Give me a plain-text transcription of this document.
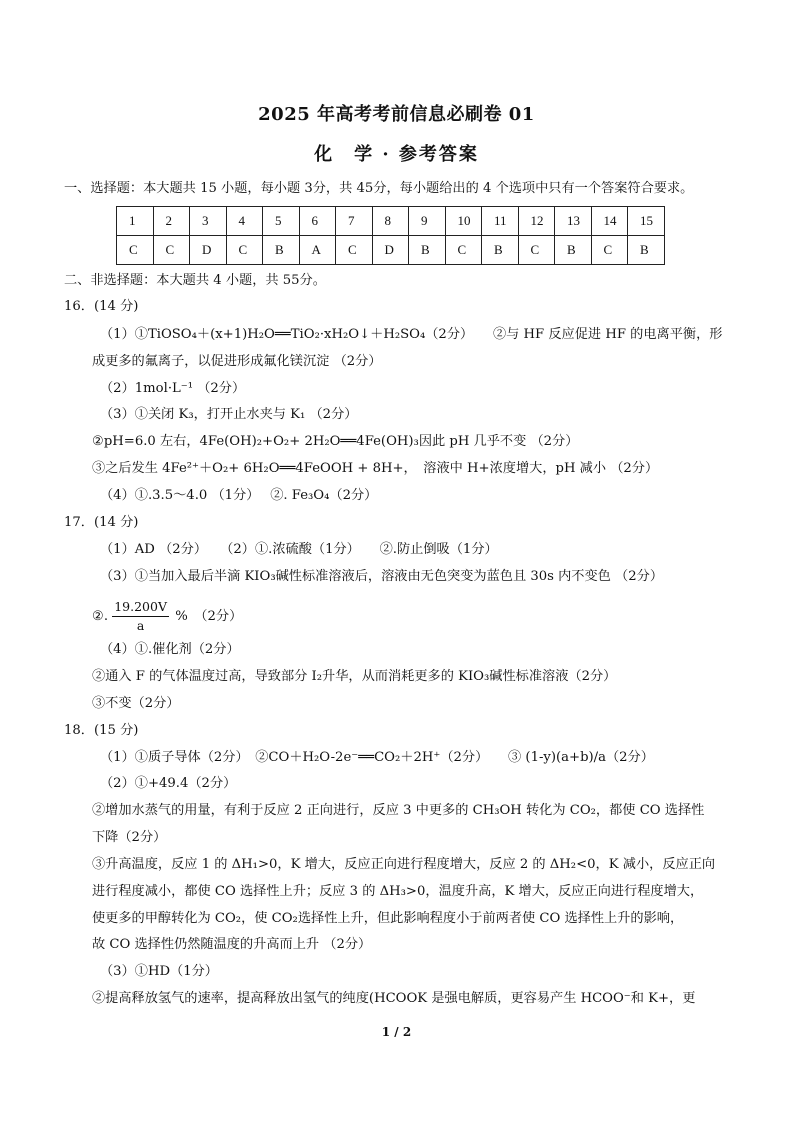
2025 年高考考前信息必刷卷 01
化　学 · 参考答案
一、选择题：本大题共 15 小题，每小题 3分，共 45分，每小题给出的 4 个选项中只有一个答案符合要求。
1	2	3	4	5	6	7	8	9	10	11	12	13	14	15
C	C	D	C	B	A	C	D	B	C	B	C	B	C	B
二、非选择题：本大题共 4 小题，共 55分。
16．(14 分)
（1）①TiOSO₄＋(x+1)H₂O══TiO₂·xH₂O↓＋H₂SO₄（2分）　　②与 HF 反应促进 HF 的电离平衡，形
成更多的氟离子，以促进形成氟化镁沉淀 （2分）
（2）1mol·L⁻¹ （2分）
（3）①关闭 K₃，打开止水夹与 K₁ （2分）
②pH=6.0 左右，4Fe(OH)₂+O₂+ 2H₂O══4Fe(OH)₃因此 pH 几乎不变 （2分）
③之后发生 4Fe²⁺＋O₂+ 6H₂O══4FeOOH + 8H+，　溶液中 H+浓度增大，pH 减小 （2分）
（4）①.3.5～4.0 （1分）　 ②. Fe₃O₄（2分）
17．(14 分)
（1）AD （2分）　　（2）①.浓硫酸（1分）　　②.防止倒吸（1分）
（3）①当加入最后半滴 KIO₃碱性标准溶液后，溶液由无色突变为蓝色且 30s 内不变色 （2分）
②. $\frac{19.200V}{a}$ %　（2分）
（4）①.催化剂（2分）
②通入 F 的气体温度过高，导致部分 I₂升华，从而消耗更多的 KIO₃碱性标准溶液（2分）
③不变（2分）
18．(15 分)
（1）①质子导体（2分）　②CO＋H₂O-2e⁻══CO₂＋2H⁺（2分）　　③ (1-y)(a+b)/a（2分）
（2）①+49.4（2分）
②增加水蒸气的用量，有利于反应 2 正向进行，反应 3 中更多的 CH₃OH 转化为 CO₂，都使 CO 选择性
下降（2分）
③升高温度，反应 1 的 ΔH₁>0，K 增大，反应正向进行程度增大，反应 2 的 ΔH₂<0，K 减小，反应正向
进行程度减小，都使 CO 选择性上升；反应 3 的 ΔH₃>0，温度升高，K 增大，反应正向进行程度增大，
使更多的甲醇转化为 CO₂，使 CO₂选择性上升，但此影响程度小于前两者使 CO 选择性上升的影响，
故 CO 选择性仍然随温度的升高而上升 （2分）
（3）①HD（1分）
②提高释放氢气的速率，提高释放出氢气的纯度(HCOOK 是强电解质，更容易产生 HCOO⁻和 K+，更
1 / 2
